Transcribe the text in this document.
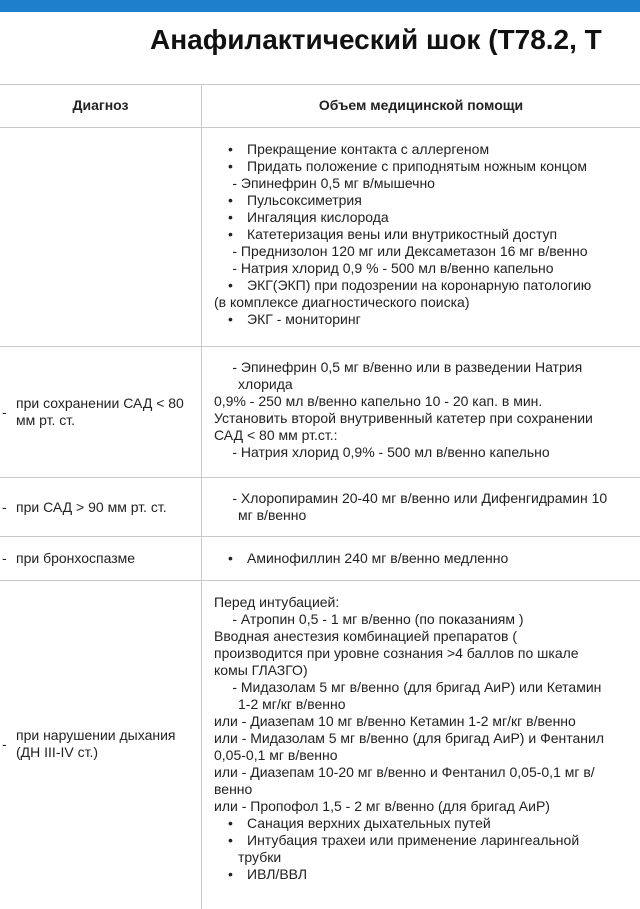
Анафилактический шок (Т78.2, Т
Диагноз	Объем медицинской помощи
• Прекращение контакта с аллергеном
• Придать положение с приподнятым ножным концом
- Эпинефрин 0,5 мг в/мышечно
• Пульсоксиметрия
• Ингаляция кислорода
• Катетеризация вены или внутрикостный доступ
- Преднизолон 120 мг или Дексаметазон 16 мг в/венно
- Натрия хлорид 0,9 % - 500 мл в/венно капельно
• ЭКГ(ЭКП) при подозрении на коронарную патологию
(в комплексе диагностического поиска)
• ЭКГ - мониторинг
-
при сохранении САД < 80 мм рт. ст.
- Эпинефрин 0,5 мг в/венно или в разведении Натрия
хлорида
0,9% - 250 мл в/венно капельно 10 - 20 кап. в мин.
Установить второй внутривенный катетер при сохранении
САД < 80 мм рт.ст.:
- Натрия хлорид 0,9% - 500 мл в/венно капельно
- при САД > 90 мм рт. ст.
- Хлоропирамин 20-40 мг в/венно или Дифенгидрамин 10
мг в/венно
- при бронхоспазме	• Аминофиллин 240 мг в/венно медленно
-
при нарушении дыхания (ДН III-IV ст.)
Перед интубацией:
- Атропин 0,5 - 1 мг в/венно (по показаниям )
Вводная анестезия комбинацией препаратов (
производится при уровне сознания >4 баллов по шкале
комы ГЛАЗГО)
- Мидазолам 5 мг в/венно (для бригад АиР) или Кетамин
1-2 мг/кг в/венно
или - Диазепам 10 мг в/венно Кетамин 1-2 мг/кг в/венно
или - Мидазолам 5 мг в/венно (для бригад АиР) и Фентанил
0,05-0,1 мг в/венно
или - Диазепам 10-20 мг в/венно и Фентанил 0,05-0,1 мг в/
венно
или - Пропофол 1,5 - 2 мг в/венно (для бригад АиР)
• Санация верхних дыхательных путей
• Интубация трахеи или применение ларингеальной
трубки
• ИВЛ/ВВЛ
